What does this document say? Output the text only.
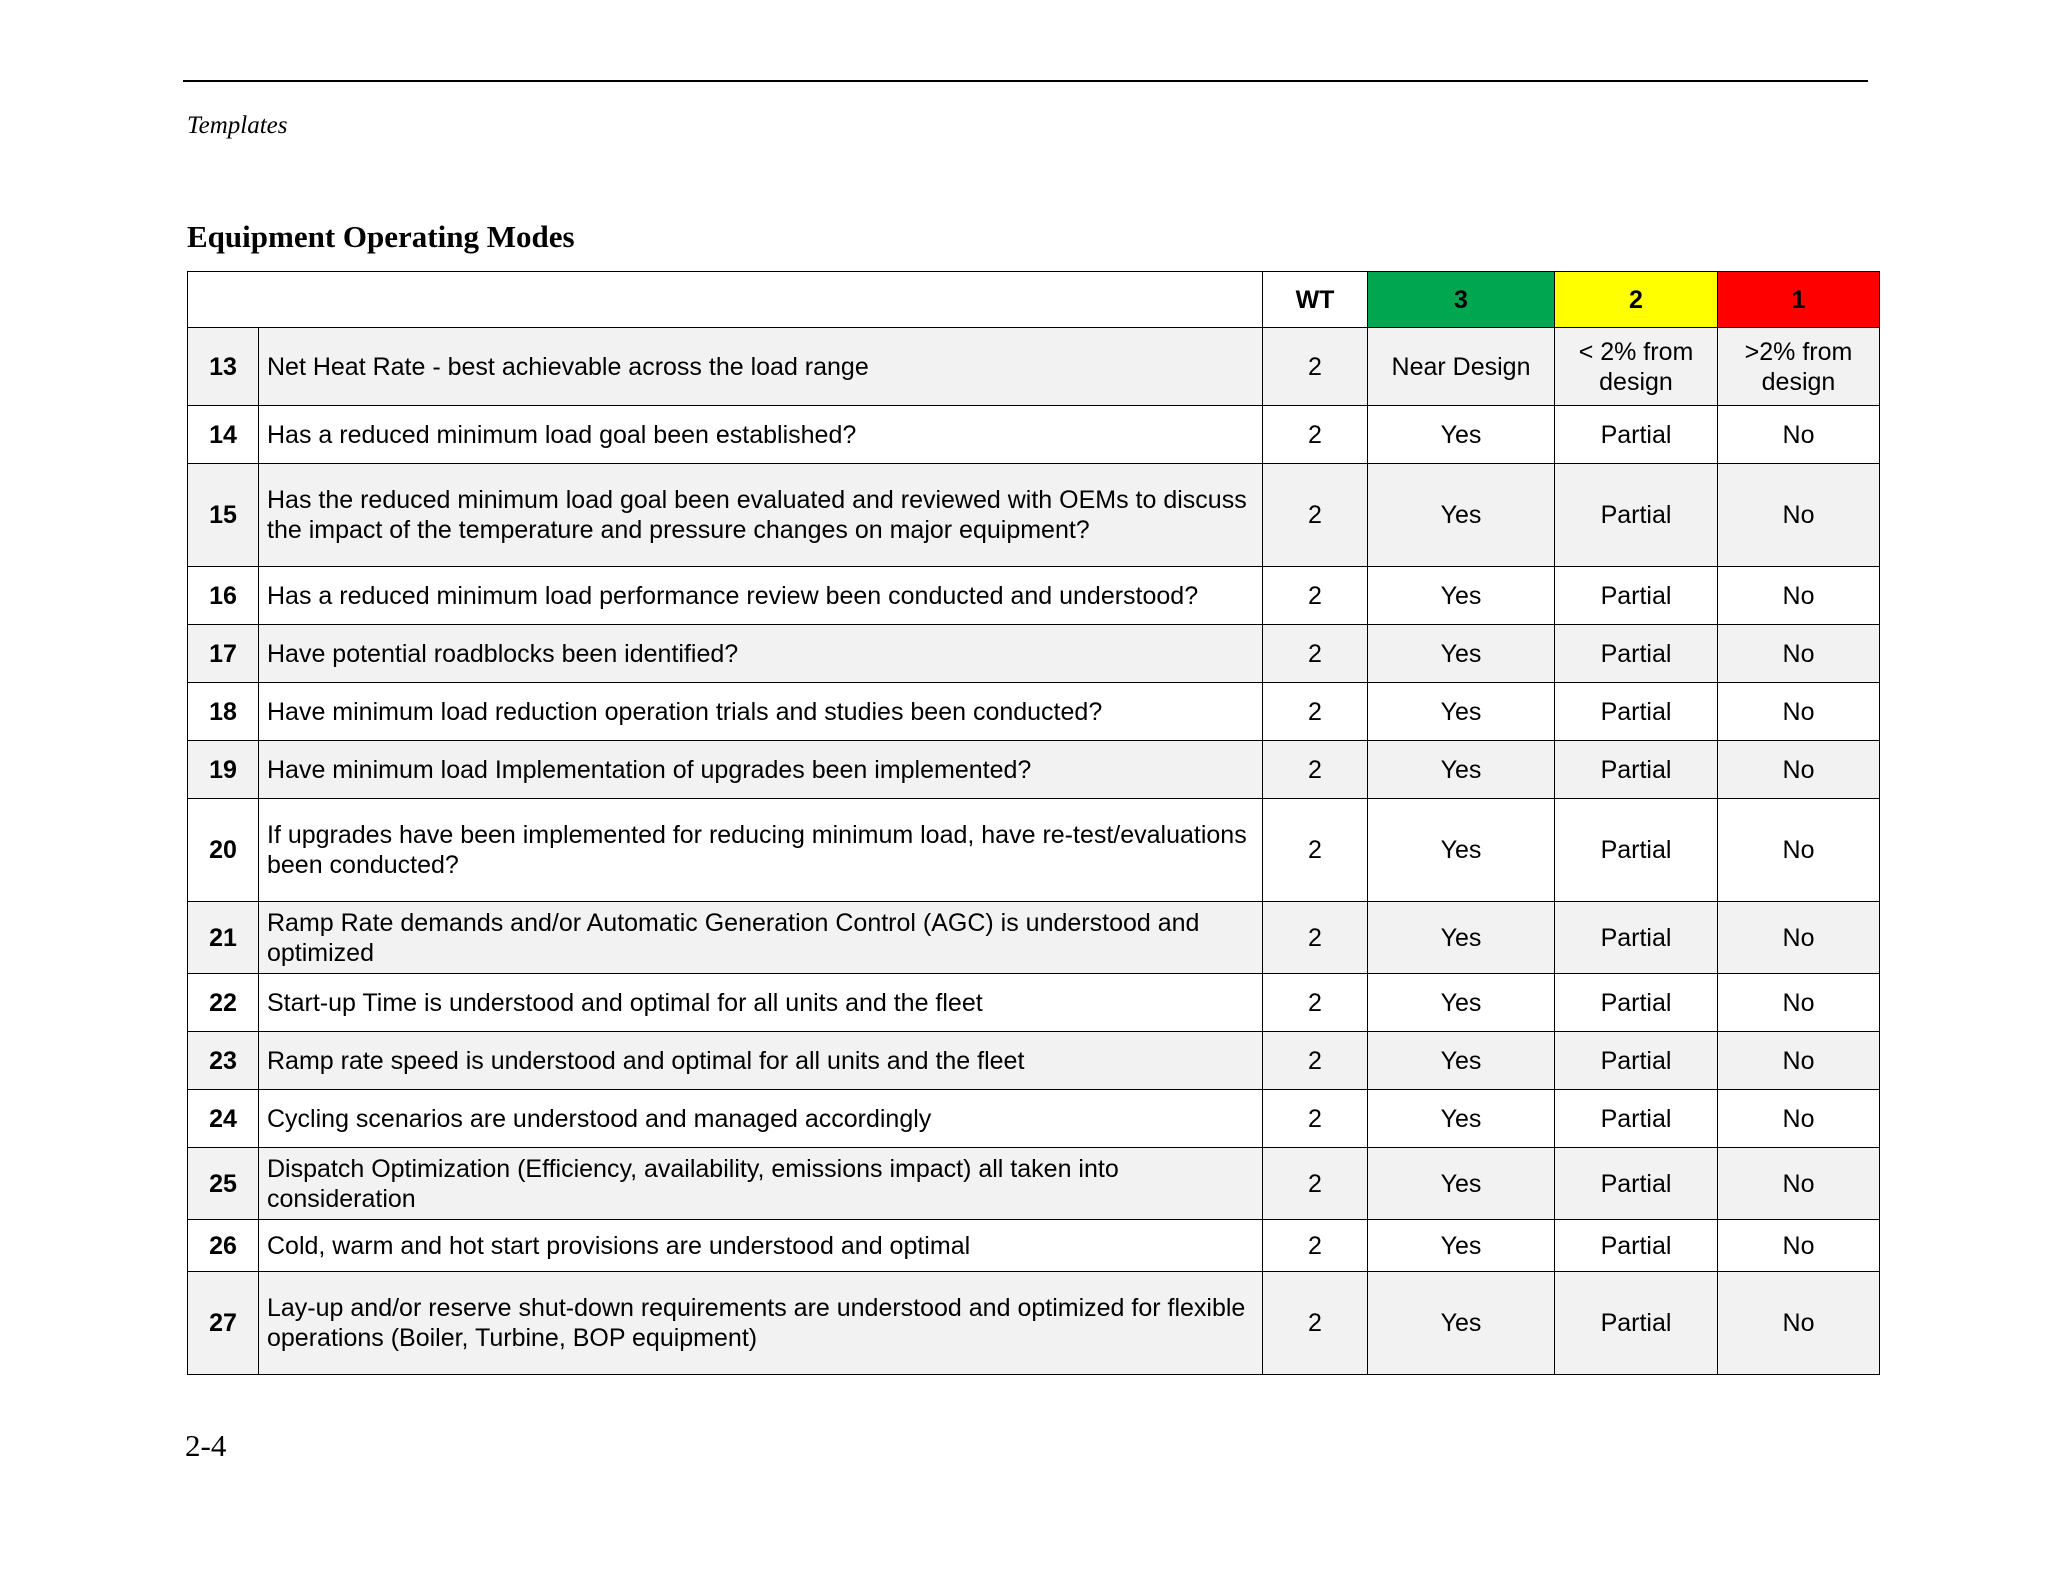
Templates
Equipment Operating Modes
		WT	3	2	1
13	Net Heat Rate - best achievable across the load range	2	Near Design	< 2% from design	>2% from design
14	Has a reduced minimum load goal been established?	2	Yes	Partial	No
15	Has the reduced minimum load goal been evaluated and reviewed with OEMs to discuss the impact of the temperature and pressure changes on major equipment?	2	Yes	Partial	No
16	Has a reduced minimum load performance review been conducted and understood?	2	Yes	Partial	No
17	Have potential roadblocks been identified?	2	Yes	Partial	No
18	Have minimum load reduction operation trials and studies been conducted?	2	Yes	Partial	No
19	Have minimum load Implementation of upgrades been implemented?	2	Yes	Partial	No
20	If upgrades have been implemented for reducing minimum load, have re-test/evaluations been conducted?	2	Yes	Partial	No
21	Ramp Rate demands and/or Automatic Generation Control (AGC) is understood and optimized	2	Yes	Partial	No
22	Start-up Time is understood and optimal for all units and the fleet	2	Yes	Partial	No
23	Ramp rate speed is understood and optimal for all units and the fleet	2	Yes	Partial	No
24	Cycling scenarios are understood and managed accordingly	2	Yes	Partial	No
25	Dispatch Optimization (Efficiency, availability, emissions impact) all taken into consideration	2	Yes	Partial	No
26	Cold, warm and hot start provisions are understood and optimal	2	Yes	Partial	No
27	Lay-up and/or reserve shut-down requirements are understood and optimized for flexible operations (Boiler, Turbine, BOP equipment)	2	Yes	Partial	No
2-4
